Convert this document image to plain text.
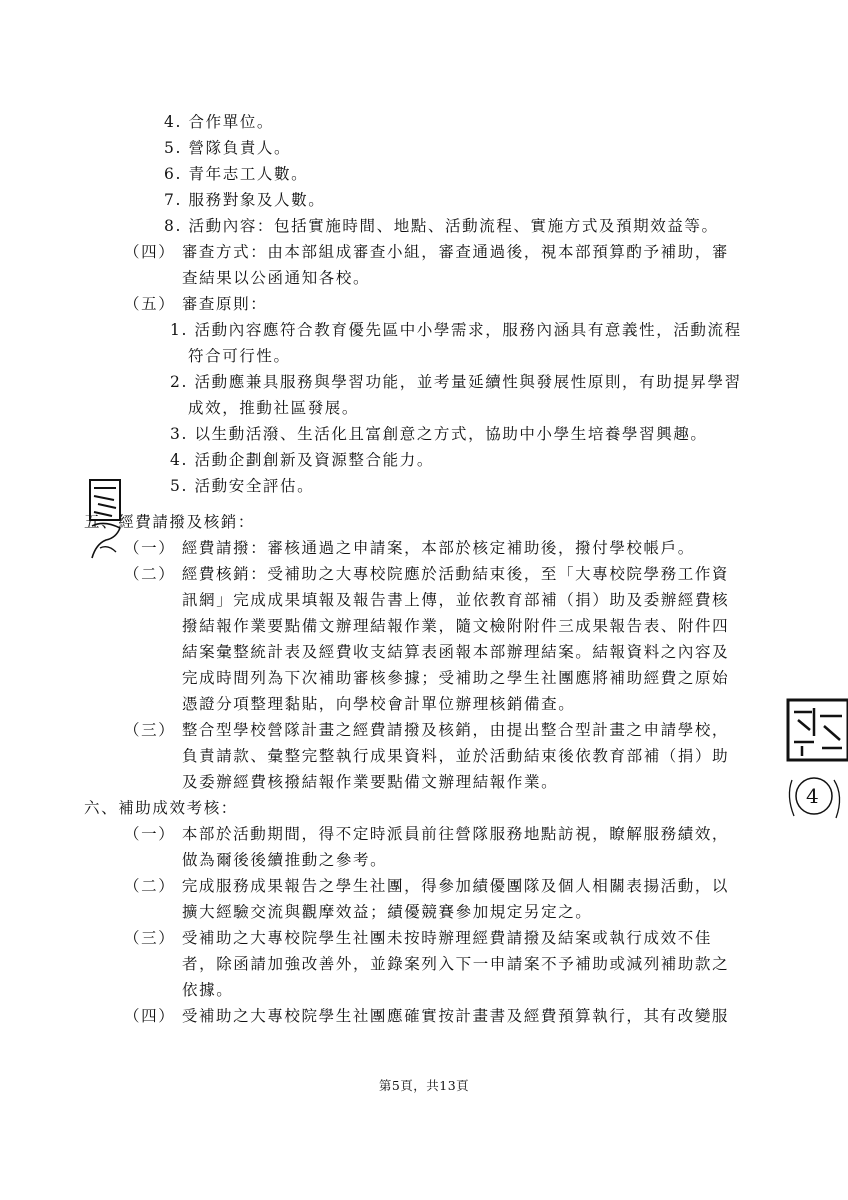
4. 合作單位。
5. 營隊負責人。
6. 青年志工人數。
7. 服務對象及人數。
8. 活動內容：包括實施時間、地點、活動流程、實施方式及預期效益等。
（四） 審查方式：由本部組成審查小組，審查通過後，視本部預算酌予補助，審
查結果以公函通知各校。
（五） 審查原則：
1. 活動內容應符合教育優先區中小學需求，服務內涵具有意義性，活動流程
符合可行性。
2. 活動應兼具服務與學習功能，並考量延續性與發展性原則，有助提昇學習
成效，推動社區發展。
3. 以生動活潑、生活化且富創意之方式，協助中小學生培養學習興趣。
4. 活動企劃創新及資源整合能力。
5. 活動安全評估。
五、經費請撥及核銷：
（一） 經費請撥：審核通過之申請案，本部於核定補助後，撥付學校帳戶。
（二） 經費核銷：受補助之大專校院應於活動結束後，至「大專校院學務工作資
訊網」完成成果填報及報告書上傳，並依教育部補（捐）助及委辦經費核
撥結報作業要點備文辦理結報作業，隨文檢附附件三成果報告表、附件四
結案彙整統計表及經費收支結算表函報本部辦理結案。結報資料之內容及
完成時間列為下次補助審核參據；受補助之學生社團應將補助經費之原始
憑證分項整理黏貼，向學校會計單位辦理核銷備查。
（三） 整合型學校營隊計畫之經費請撥及核銷，由提出整合型計畫之申請學校，
負責請款、彙整完整執行成果資料，並於活動結束後依教育部補（捐）助
及委辦經費核撥結報作業要點備文辦理結報作業。
六、補助成效考核：
（一） 本部於活動期間，得不定時派員前往營隊服務地點訪視，瞭解服務績效，
做為爾後後續推動之參考。
（二） 完成服務成果報告之學生社團，得參加績優團隊及個人相關表揚活動，以
擴大經驗交流與觀摩效益；績優競賽參加規定另定之。
（三） 受補助之大專校院學生社團未按時辦理經費請撥及結案或執行成效不佳
者，除函請加強改善外，並錄案列入下一申請案不予補助或減列補助款之
依據。
（四） 受補助之大專校院學生社團應確實按計畫書及經費預算執行，其有改變服
4
第5頁，共13頁
